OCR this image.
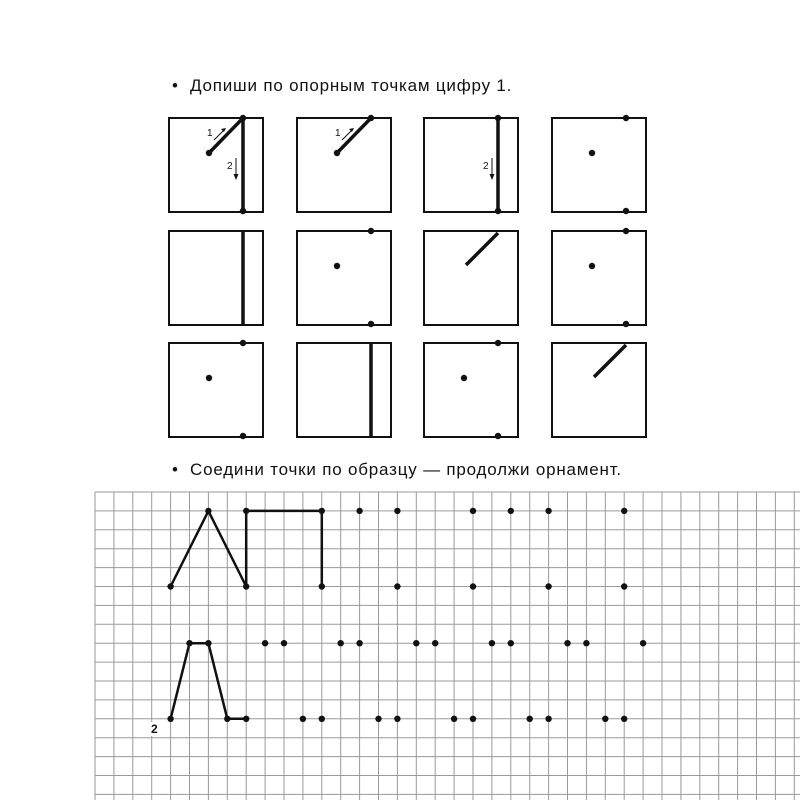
• Допиши по опорным точкам цифру 1.

• Соедини точки по образцу — продолжи орнамент.

1
2
1
2
2
